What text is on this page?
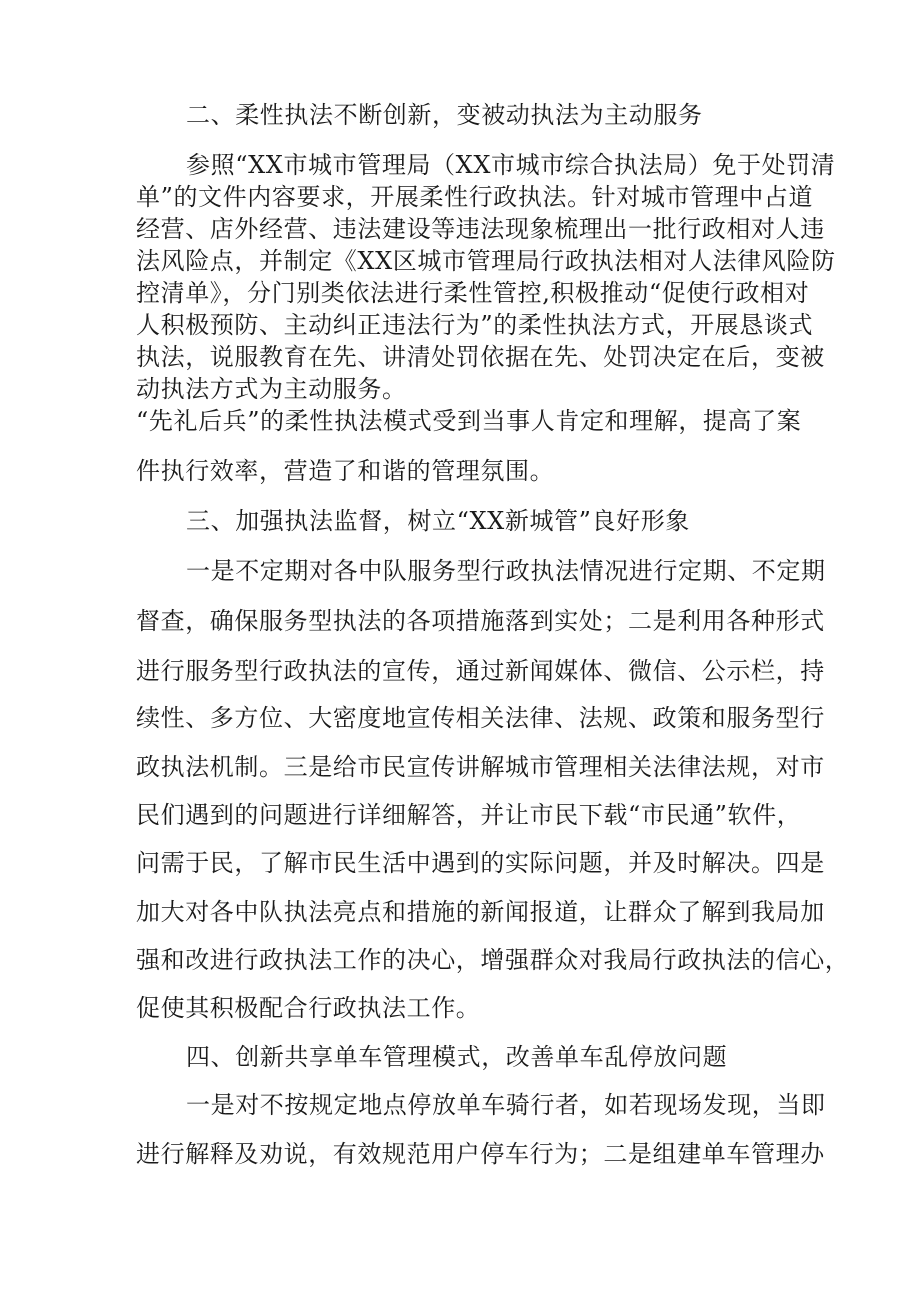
二、柔性执法不断创新，变被动执法为主动服务

参照“XX市城市管理局（XX市城市综合执法局）免于处罚清

单”的文件内容要求，开展柔性行政执法。针对城市管理中占道

经营、店外经营、违法建设等违法现象梳理出一批行政相对人违

法风险点，并制定《XX区城市管理局行政执法相对人法律风险防

控清单》，分门别类依法进行柔性管控,积极推动“促使行政相对

人积极预防、主动纠正违法行为”的柔性执法方式，开展恳谈式

执法，说服教育在先、讲清处罚依据在先、处罚决定在后，变被

动执法方式为主动服务。

“先礼后兵”的柔性执法模式受到当事人肯定和理解，提高了案

件执行效率，营造了和谐的管理氛围。

三、加强执法监督，树立“XX新城管”良好形象

一是不定期对各中队服务型行政执法情况进行定期、不定期

督查，确保服务型执法的各项措施落到实处；二是利用各种形式

进行服务型行政执法的宣传，通过新闻媒体、微信、公示栏，持

续性、多方位、大密度地宣传相关法律、法规、政策和服务型行

政执法机制。三是给市民宣传讲解城市管理相关法律法规，对市

民们遇到的问题进行详细解答，并让市民下载“市民通”软件，

问需于民，了解市民生活中遇到的实际问题，并及时解决。四是

加大对各中队执法亮点和措施的新闻报道，让群众了解到我局加

强和改进行政执法工作的决心，增强群众对我局行政执法的信心，

促使其积极配合行政执法工作。

四、创新共享单车管理模式，改善单车乱停放问题

一是对不按规定地点停放单车骑行者，如若现场发现，当即

进行解释及劝说，有效规范用户停车行为；二是组建单车管理办
